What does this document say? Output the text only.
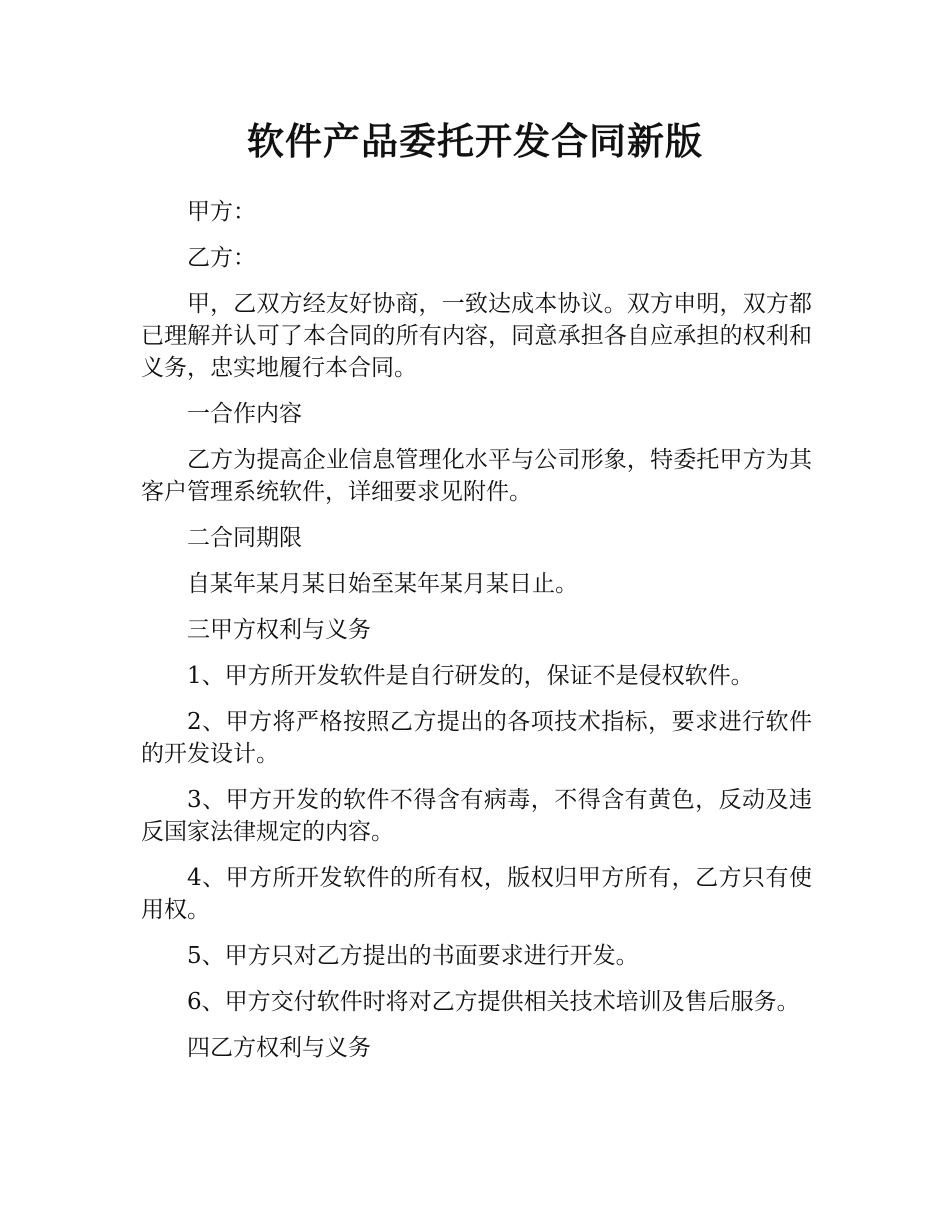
软件产品委托开发合同新版

甲方：

乙方：

甲，乙双方经友好协商，一致达成本协议。双方申明，双方都已理解并认可了本合同的所有内容，同意承担各自应承担的权利和义务，忠实地履行本合同。

一合作内容

乙方为提高企业信息管理化水平与公司形象，特委托甲方为其客户管理系统软件，详细要求见附件。

二合同期限

自某年某月某日始至某年某月某日止。

三甲方权利与义务

1、甲方所开发软件是自行研发的，保证不是侵权软件。

2、甲方将严格按照乙方提出的各项技术指标，要求进行软件的开发设计。

3、甲方开发的软件不得含有病毒，不得含有黄色，反动及违反国家法律规定的内容。

4、甲方所开发软件的所有权，版权归甲方所有，乙方只有使用权。

5、甲方只对乙方提出的书面要求进行开发。

6、甲方交付软件时将对乙方提供相关技术培训及售后服务。

四乙方权利与义务
